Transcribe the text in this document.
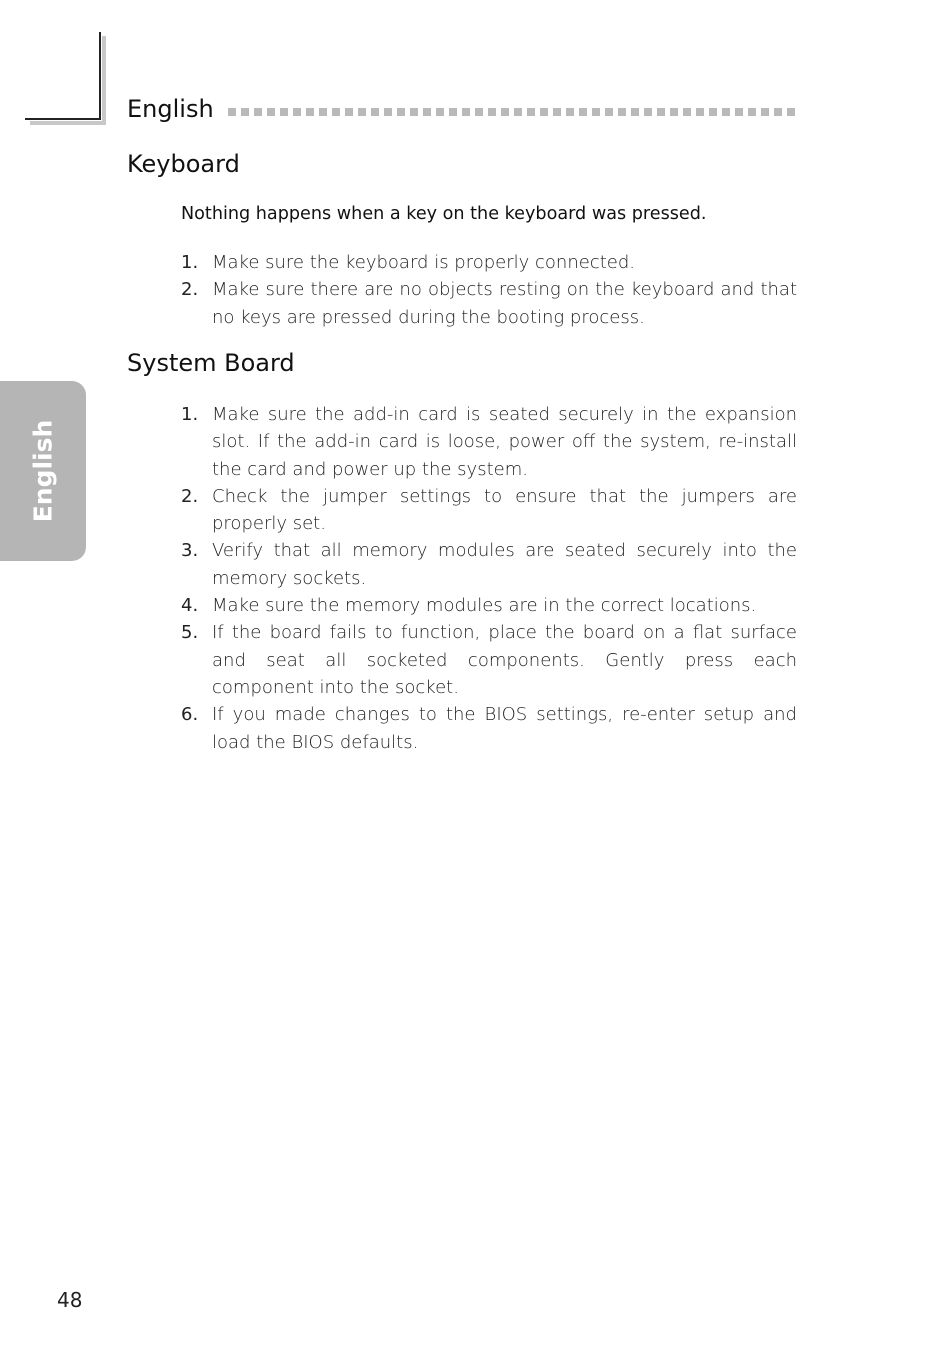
English
English
Keyboard
Nothing happens when a key on the keyboard was pressed.
1. Make sure the keyboard is properly connected.
2. Make sure there are no objects resting on the keyboard and that no keys are pressed during the booting process.
System Board
1. Make sure the add-in card is seated securely in the expansion slot. If the add-in card is loose, power off the system, re-install the card and power up the system.
2. Check the jumper settings to ensure that the jumpers are properly set.
3. Verify that all memory modules are seated securely into the memory sockets.
4. Make sure the memory modules are in the correct locations.
5. If the board fails to function, place the board on a flat surface and seat all socketed components. Gently press each component into the socket.
6. If you made changes to the BIOS settings, re-enter setup and load the BIOS defaults.
48
